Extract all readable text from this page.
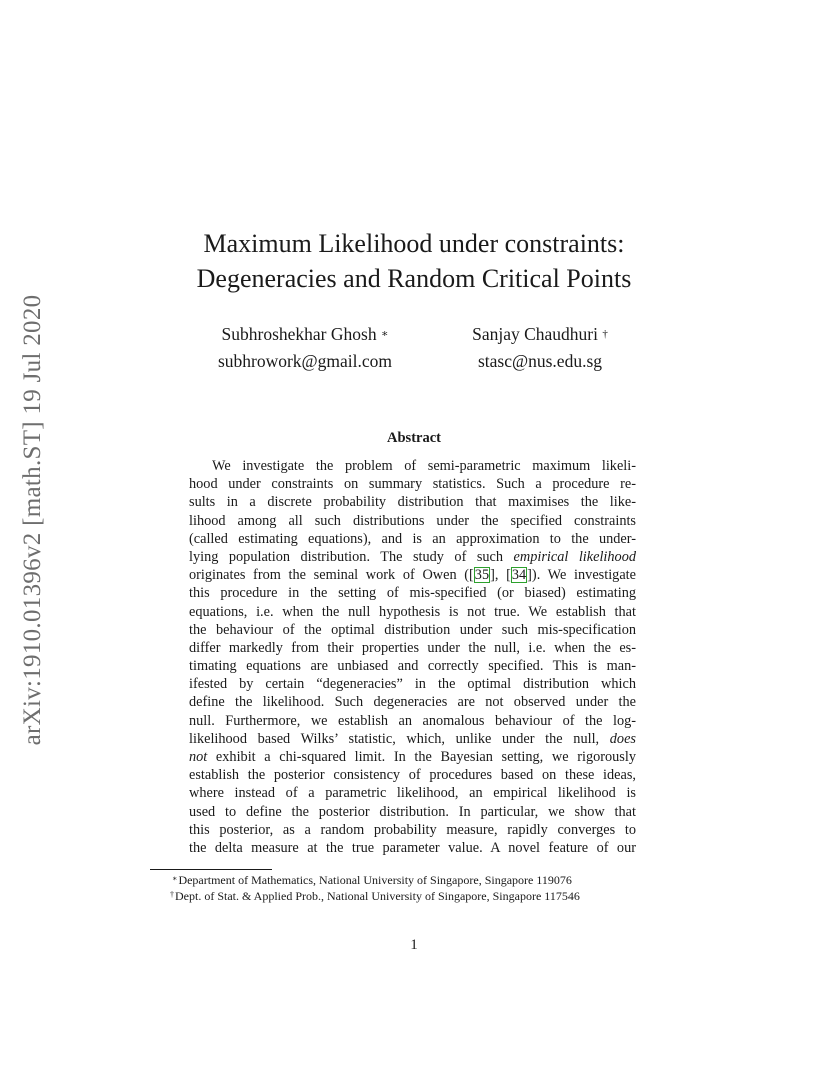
arXiv:1910.01396v2 [math.ST] 19 Jul 2020
Maximum Likelihood under constraints:
Degeneracies and Random Critical Points
Subhroshekhar Ghosh ∗
subhrowork@gmail.com
Sanjay Chaudhuri †
stasc@nus.edu.sg
Abstract
We investigate the problem of semi-parametric maximum likeli-
hood under constraints on summary statistics. Such a procedure re-
sults in a discrete probability distribution that maximises the like-
lihood among all such distributions under the specified constraints
(called estimating equations), and is an approximation to the under-
lying population distribution. The study of such empirical likelihood
originates from the seminal work of Owen ([35], [34]). We investigate
this procedure in the setting of mis-specified (or biased) estimating
equations, i.e. when the null hypothesis is not true. We establish that
the behaviour of the optimal distribution under such mis-specification
differ markedly from their properties under the null, i.e. when the es-
timating equations are unbiased and correctly specified. This is man-
ifested by certain “degeneracies” in the optimal distribution which
define the likelihood. Such degeneracies are not observed under the
null. Furthermore, we establish an anomalous behaviour of the log-
likelihood based Wilks’ statistic, which, unlike under the null, does
not exhibit a chi-squared limit. In the Bayesian setting, we rigorously
establish the posterior consistency of procedures based on these ideas,
where instead of a parametric likelihood, an empirical likelihood is
used to define the posterior distribution. In particular, we show that
this posterior, as a random probability measure, rapidly converges to
the delta measure at the true parameter value. A novel feature of our
∗Department of Mathematics, National University of Singapore, Singapore 119076
†Dept. of Stat. & Applied Prob., National University of Singapore, Singapore 117546
1
